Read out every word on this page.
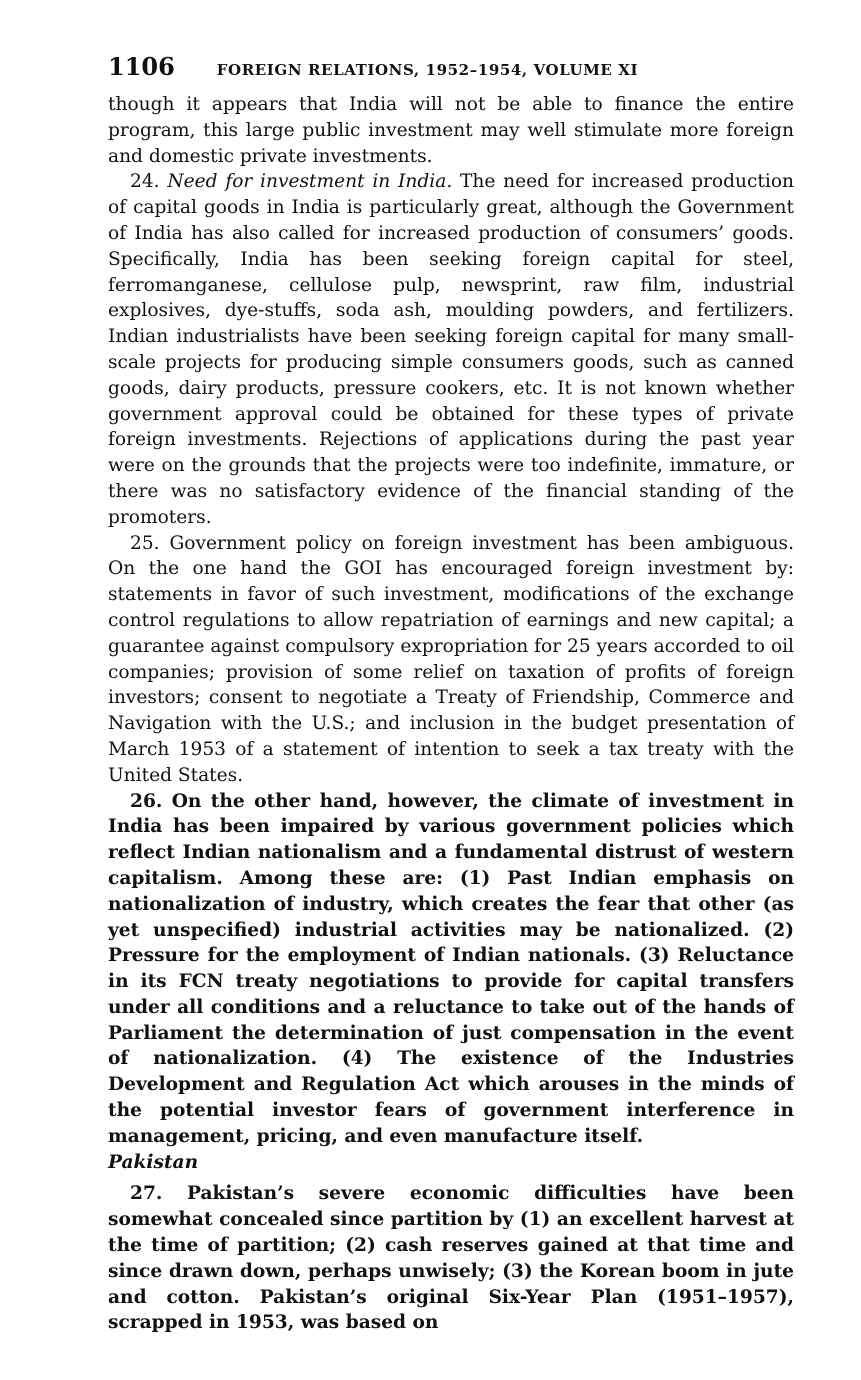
1106	FOREIGN RELATIONS, 1952–1954, VOLUME XI

though it appears that India will not be able to finance the entire program, this large public investment may well stimulate more foreign and domestic private investments.

24. Need for investment in India. The need for increased production of capital goods in India is particularly great, although the Government of India has also called for increased production of consumers’ goods. Specifically, India has been seeking foreign capital for steel, ferromanganese, cellulose pulp, newsprint, raw film, industrial explosives, dye-stuffs, soda ash, moulding powders, and fertilizers. Indian industrialists have been seeking foreign capital for many small-scale projects for producing simple consumers goods, such as canned goods, dairy products, pressure cookers, etc. It is not known whether government approval could be obtained for these types of private foreign investments. Rejections of applications during the past year were on the grounds that the projects were too indefinite, immature, or there was no satisfactory evidence of the financial standing of the promoters.

25. Government policy on foreign investment has been ambiguous. On the one hand the GOI has encouraged foreign investment by: statements in favor of such investment, modifications of the exchange control regulations to allow repatriation of earnings and new capital; a guarantee against compulsory expropriation for 25 years accorded to oil companies; provision of some relief on taxation of profits of foreign investors; consent to negotiate a Treaty of Friendship, Commerce and Navigation with the U.S.; and inclusion in the budget presentation of March 1953 of a statement of intention to seek a tax treaty with the United States.

26. On the other hand, however, the climate of investment in India has been impaired by various government policies which reflect Indian nationalism and a fundamental distrust of western capitalism. Among these are: (1) Past Indian emphasis on nationalization of industry, which creates the fear that other (as yet unspecified) industrial activities may be nationalized. (2) Pressure for the employment of Indian nationals. (3) Reluctance in its FCN treaty negotiations to provide for capital transfers under all conditions and a reluctance to take out of the hands of Parliament the determination of just compensation in the event of nationalization. (4) The existence of the Industries Development and Regulation Act which arouses in the minds of the potential investor fears of government interference in management, pricing, and even manufacture itself.

Pakistan

27. Pakistan’s severe economic difficulties have been somewhat concealed since partition by (1) an excellent harvest at the time of partition; (2) cash reserves gained at that time and since drawn down, perhaps unwisely; (3) the Korean boom in jute and cotton. Pakistan’s original Six-Year Plan (1951–1957), scrapped in 1953, was based on
